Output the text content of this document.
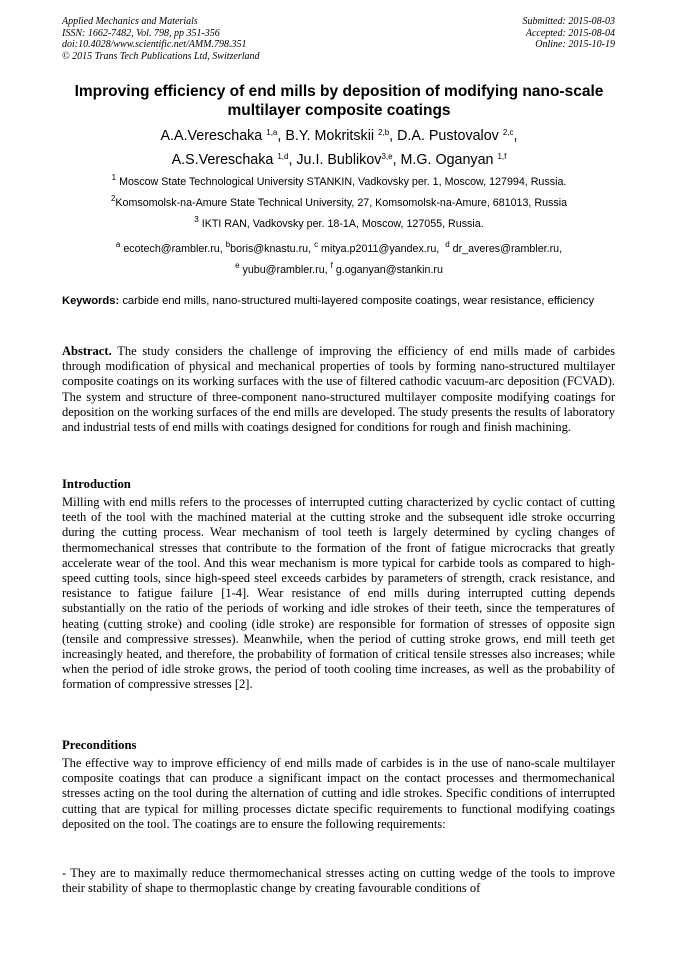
Applied Mechanics and Materials
ISSN: 1662-7482, Vol. 798, pp 351-356
doi:10.4028/www.scientific.net/AMM.798.351
© 2015 Trans Tech Publications Ltd, Switzerland
Submitted: 2015-08-03
Accepted: 2015-08-04
Online: 2015-10-19
Improving efficiency of end mills by deposition of modifying nano-scale multilayer composite coatings
A.A.Vereschaka $^{1,a}$, B.Y. Mokritskii $^{2,b}$, D.A. Pustovalov $^{2,c}$,
A.S.Vereschaka $^{1,d}$, Ju.I. Bublikov$^{3,e}$, M.G. Oganyan $^{1,f}$
$^1$ Moscow State Technological University STANKIN, Vadkovsky per. 1, Moscow, 127994, Russia.
$^2$Komsomolsk-na-Amure State Technical University, 27, Komsomolsk-na-Amure, 681013, Russia
$^3$ IKTI RAN, Vadkovsky per. 18-1A, Moscow, 127055, Russia.
$^a$ ecotech@rambler.ru, $^b$boris@knastu.ru, $^c$ mitya.p2011@yandex.ru,  $^d$ dr_averes@rambler.ru,
$^e$ yubu@rambler.ru, $^f$ g.oganyan@stankin.ru
Keywords: carbide end mills, nano-structured multi-layered composite coatings, wear resistance, efficiency
Abstract. The study considers the challenge of improving the efficiency of end mills made of carbides through modification of physical and mechanical properties of tools by forming nano-structured multilayer composite coatings on its working surfaces with the use of filtered cathodic vacuum-arc deposition (FCVAD). The system and structure of three-component nano-structured multilayer composite modifying coatings for deposition on the working surfaces of the end mills are developed. The study presents the results of laboratory and industrial tests of end mills with coatings designed for conditions for rough and finish machining.
Introduction
Milling with end mills refers to the processes of interrupted cutting characterized by cyclic contact of cutting teeth of the tool with the machined material at the cutting stroke and the subsequent idle stroke occurring during the cutting process. Wear mechanism of tool teeth is largely determined by cycling changes of thermomechanical stresses that contribute to the formation of the front of fatigue microcracks that greatly accelerate wear of the tool. And this wear mechanism is more typical for carbide tools as compared to high-speed cutting tools, since high-speed steel exceeds carbides by parameters of strength, crack resistance, and resistance to fatigue failure [1-4]. Wear resistance of end mills during interrupted cutting depends substantially on the ratio of the periods of working and idle strokes of their teeth, since the temperatures of heating (cutting stroke) and cooling (idle stroke) are responsible for formation of stresses of opposite sign (tensile and compressive stresses). Meanwhile, when the period of cutting stroke grows, end mill teeth get increasingly heated, and therefore, the probability of formation of critical tensile stresses also increases; while when the period of idle stroke grows, the period of tooth cooling time increases, as well as the probability of formation of compressive stresses [2].
Preconditions
The effective way to improve efficiency of end mills made of carbides is in the use of nano-scale multilayer composite coatings that can produce a significant impact on the contact processes and thermomechanical stresses acting on the tool during the alternation of cutting and idle strokes. Specific conditions of interrupted cutting that are typical for milling processes dictate specific requirements to functional modifying coatings deposited on the tool. The coatings are to ensure the following requirements:
- They are to maximally reduce thermomechanical stresses acting on cutting wedge of the tools to improve their stability of shape to thermoplastic change by creating favourable conditions of
